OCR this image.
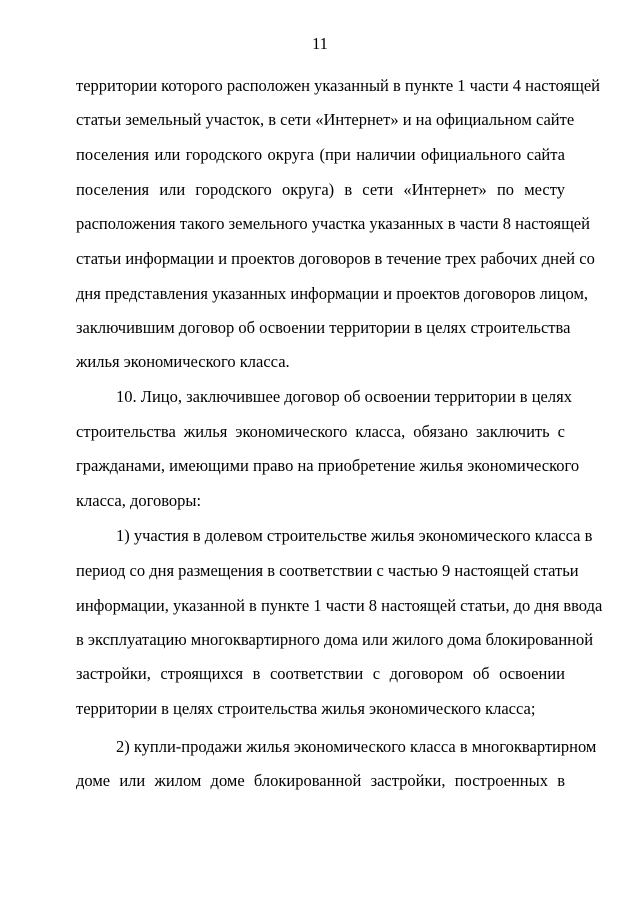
11
территории которого расположен указанный в пункте 1 части 4 настоящей
статьи земельный участок, в сети «Интернет» и на официальном сайте
поселения или городского округа (при наличии официального сайта
поселения или городского округа) в сети «Интернет» по месту
расположения такого земельного участка указанных в части 8 настоящей
статьи информации и проектов договоров в течение трех рабочих дней со
дня представления указанных информации и проектов договоров лицом,
заключившим договор об освоении территории в целях строительства
жилья экономического класса.
10. Лицо, заключившее договор об освоении территории в целях
строительства жилья экономического класса, обязано заключить с
гражданами, имеющими право на приобретение жилья экономического
класса, договоры:
1) участия в долевом строительстве жилья экономического класса в
период со дня размещения в соответствии с частью 9 настоящей статьи
информации, указанной в пункте 1 части 8 настоящей статьи, до дня ввода
в эксплуатацию многоквартирного дома или жилого дома блокированной
застройки, строящихся в соответствии с договором об освоении
территории в целях строительства жилья экономического класса;
2) купли-продажи жилья экономического класса в многоквартирном
доме или жилом доме блокированной застройки, построенных в
